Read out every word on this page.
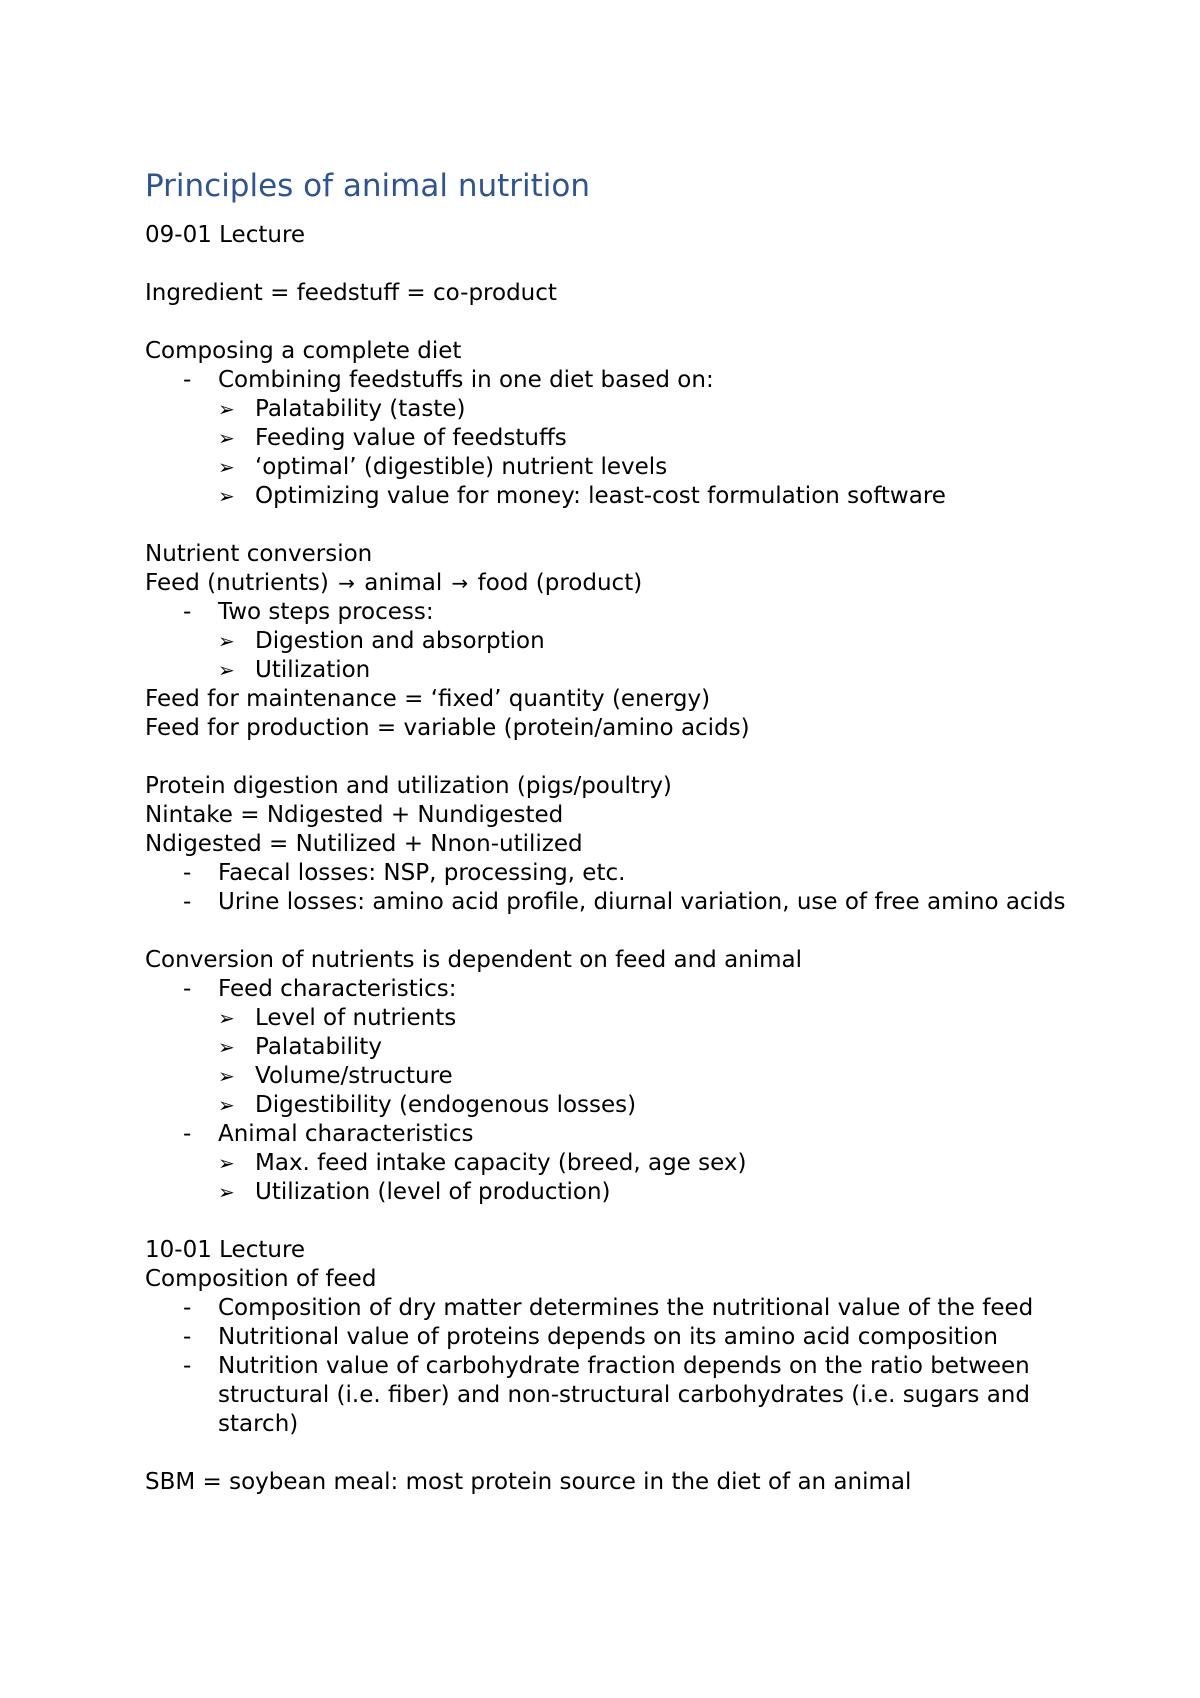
Principles of animal nutrition

09-01 Lecture

Ingredient = feedstuff = co-product

Composing a complete diet

- Combining feedstuffs in one diet based on:
➢ Palatability (taste)
➢ Feeding value of feedstuffs
➢ ‘optimal’ (digestible) nutrient levels
➢ Optimizing value for money: least-cost formulation software

Nutrient conversion

Feed (nutrients) → animal → food (product)

- Two steps process:
➢ Digestion and absorption
➢ Utilization

Feed for maintenance = ‘fixed’ quantity (energy)

Feed for production = variable (protein/amino acids)

Protein digestion and utilization (pigs/poultry)

Nintake = Ndigested + Nundigested

Ndigested = Nutilized + Nnon-utilized

- Faecal losses: NSP, processing, etc.
- Urine losses: amino acid profile, diurnal variation, use of free amino acids

Conversion of nutrients is dependent on feed and animal

- Feed characteristics:
➢ Level of nutrients
➢ Palatability
➢ Volume/structure
➢ Digestibility (endogenous losses)
- Animal characteristics
➢ Max. feed intake capacity (breed, age sex)
➢ Utilization (level of production)

10-01 Lecture

Composition of feed

- Composition of dry matter determines the nutritional value of the feed
- Nutritional value of proteins depends on its amino acid composition
- Nutrition value of carbohydrate fraction depends on the ratio between structural (i.e. fiber) and non-structural carbohydrates (i.e. sugars and starch)

SBM = soybean meal: most protein source in the diet of an animal
